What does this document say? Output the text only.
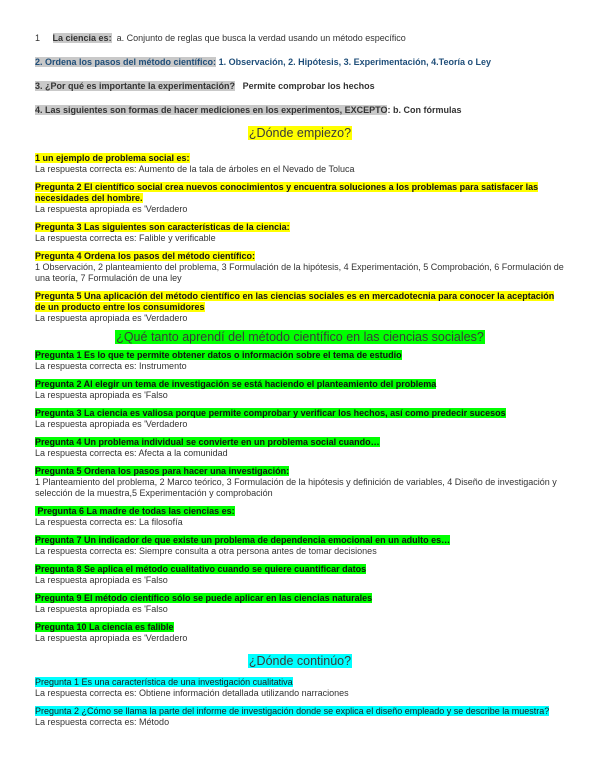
1 La ciencia es: a. Conjunto de reglas que busca la verdad usando un método específico
2. Ordena los pasos del método científico: 1. Observación, 2. Hipótesis, 3. Experimentación, 4.Teoría o Ley
3. ¿Por qué es importante la experimentación? Permite comprobar los hechos
4. Las siguientes son formas de hacer mediciones en los experimentos, EXCEPTO: b. Con fórmulas
¿Dónde empiezo?
1 un ejemplo de problema social es:
La respuesta correcta es: Aumento de la tala de árboles en el Nevado de Toluca
Pregunta 2 El científico social crea nuevos conocimientos y encuentra soluciones a los problemas para satisfacer las necesidades del hombre.
La respuesta apropiada es 'Verdadero
Pregunta 3 Las siguientes son características de la ciencia:
La respuesta correcta es: Falible y verificable
Pregunta 4 Ordena los pasos del método científico:
1 Observación, 2 planteamiento del problema, 3 Formulación de la hipótesis, 4 Experimentación, 5 Comprobación, 6 Formulación de una teoría, 7 Formulación de una ley
Pregunta 5 Una aplicación del método científico en las ciencias sociales es en mercadotecnia para conocer la aceptación de un producto entre los consumidores
La respuesta apropiada es 'Verdadero
¿Qué tanto aprendí del método científico en las ciencias sociales?
Pregunta 1 Es lo que te permite obtener datos o información sobre el tema de estudio
La respuesta correcta es: Instrumento
Pregunta 2 Al elegir un tema de investigación se está haciendo el planteamiento del problema
La respuesta apropiada es 'Falso
Pregunta 3 La ciencia es valiosa porque permite comprobar y verificar los hechos, así como predecir sucesos
La respuesta apropiada es 'Verdadero
Pregunta 4 Un problema individual se convierte en un problema social cuando…
La respuesta correcta es: Afecta a la comunidad
Pregunta 5 Ordena los pasos para hacer una investigación:
1 Planteamiento del problema, 2 Marco teórico, 3 Formulación de la hipótesis y definición de variables, 4 Diseño de investigación y selección de la muestra,5 Experimentación y comprobación
Pregunta 6 La madre de todas las ciencias es:
La respuesta correcta es: La filosofía
Pregunta 7 Un indicador de que existe un problema de dependencia emocional en un adulto es…
La respuesta correcta es: Siempre consulta a otra persona antes de tomar decisiones
Pregunta 8 Se aplica el método cualitativo cuando se quiere cuantificar datos
La respuesta apropiada es 'Falso
Pregunta 9 El método científico sólo se puede aplicar en las ciencias naturales
La respuesta apropiada es 'Falso
Pregunta 10 La ciencia es falible
La respuesta apropiada es 'Verdadero
¿Dónde continúo?
Pregunta 1 Es una característica de una investigación cualitativa
La respuesta correcta es: Obtiene información detallada utilizando narraciones
Pregunta 2 ¿Cómo se llama la parte del informe de investigación donde se explica el diseño empleado y se describe la muestra?
La respuesta correcta es: Método
